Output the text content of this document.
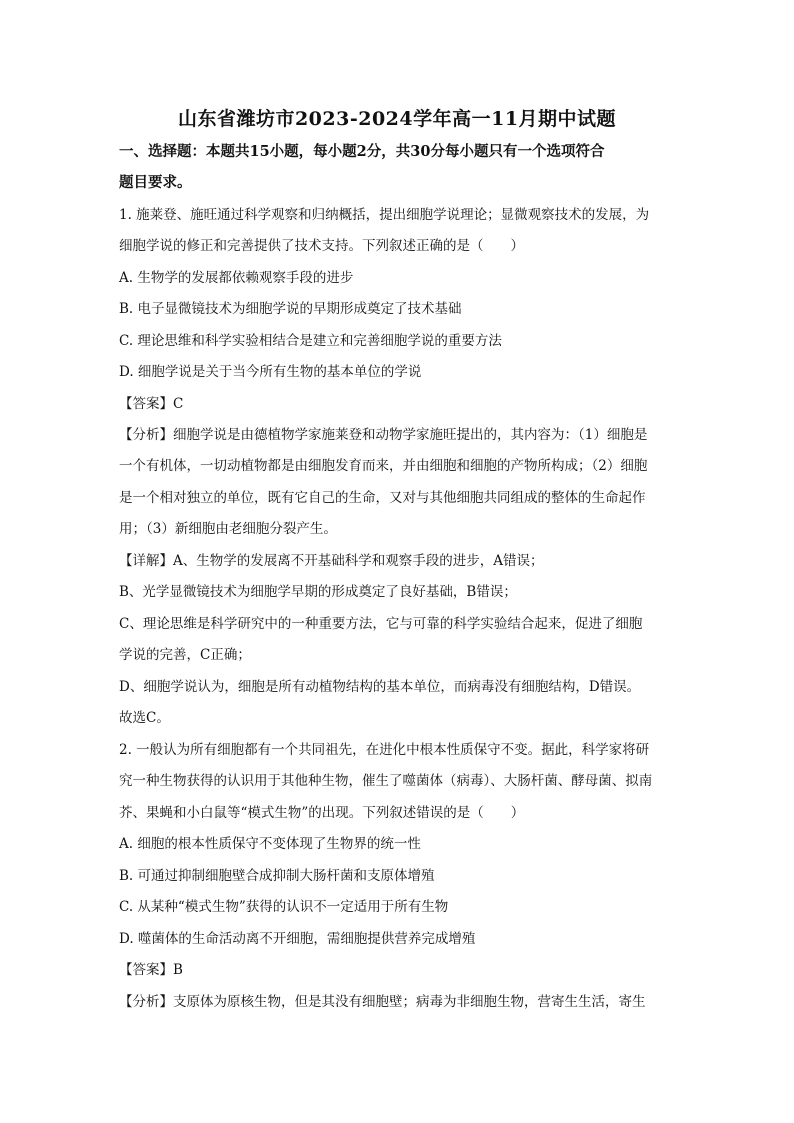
山东省潍坊市2023-2024学年高一11月期中试题
一、选择题：本题共15小题，每小题2分，共30分每小题只有一个选项符合
题目要求。
1. 施莱登、施旺通过科学观察和归纳概括，提出细胞学说理论；显微观察技术的发展，为
细胞学说的修正和完善提供了技术支持。下列叙述正确的是（　　）
A. 生物学的发展都依赖观察手段的进步
B. 电子显微镜技术为细胞学说的早期形成奠定了技术基础
C. 理论思维和科学实验相结合是建立和完善细胞学说的重要方法
D. 细胞学说是关于当今所有生物的基本单位的学说
【答案】C
【分析】细胞学说是由德植物学家施莱登和动物学家施旺提出的，其内容为：（1）细胞是
一个有机体，一切动植物都是由细胞发育而来，并由细胞和细胞的产物所构成；（2）细胞
是一个相对独立的单位，既有它自己的生命，又对与其他细胞共同组成的整体的生命起作
用；（3）新细胞由老细胞分裂产生。
【详解】A、生物学的发展离不开基础科学和观察手段的进步，A错误；
B、光学显微镜技术为细胞学早期的形成奠定了良好基础，B错误；
C、理论思维是科学研究中的一种重要方法，它与可靠的科学实验结合起来，促进了细胞
学说的完善，C正确；
D、细胞学说认为，细胞是所有动植物结构的基本单位，而病毒没有细胞结构，D错误。
故选C。
2. 一般认为所有细胞都有一个共同祖先，在进化中根本性质保守不变。据此，科学家将研
究一种生物获得的认识用于其他种生物，催生了噬菌体（病毒）、大肠杆菌、酵母菌、拟南
芥、果蝇和小白鼠等“模式生物”的出现。下列叙述错误的是（　　）
A. 细胞的根本性质保守不变体现了生物界的统一性
B. 可通过抑制细胞壁合成抑制大肠杆菌和支原体增殖
C. 从某种“模式生物”获得的认识不一定适用于所有生物
D. 噬菌体的生命活动离不开细胞，需细胞提供营养完成增殖
【答案】B
【分析】支原体为原核生物，但是其没有细胞壁；病毒为非细胞生物，营寄生生活，寄生
